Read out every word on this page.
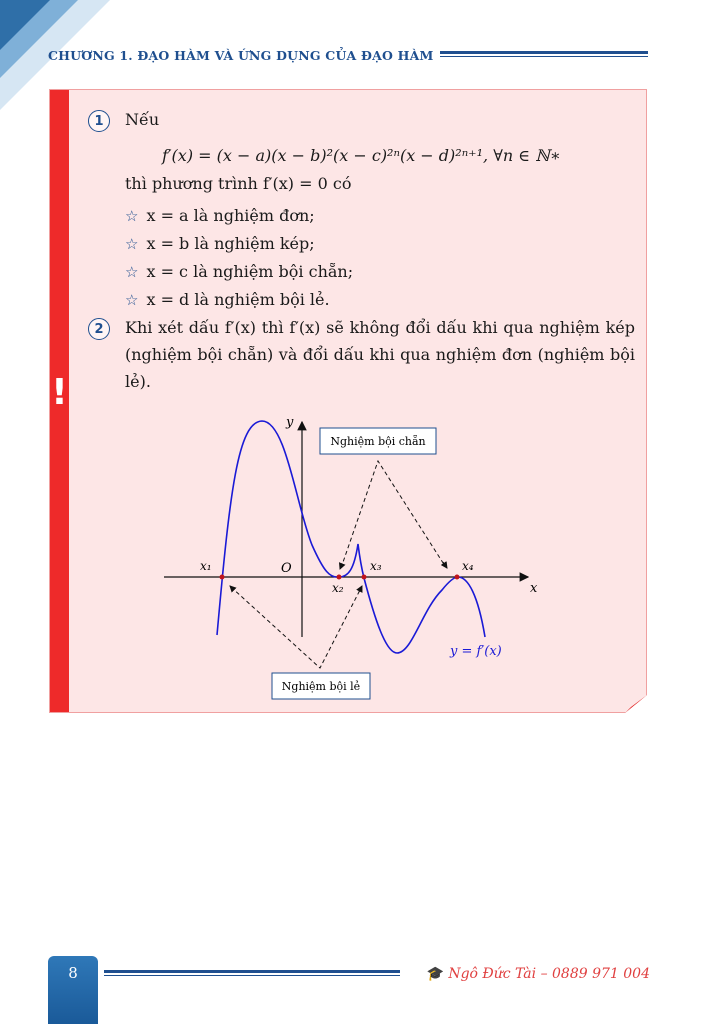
CHƯƠNG 1. ĐẠO HÀM VÀ ỨNG DỤNG CỦA ĐẠO HÀM
!
1	Nếu
f′(x) = (x − a)(x − b)²(x − c)²ⁿ(x − d)²ⁿ⁺¹, ∀n ∈ ℕ∗
thì phương trình f′(x) = 0 có
☆ x = a là nghiệm đơn;
☆ x = b là nghiệm kép;
☆ x = c là nghiệm bội chẵn;
☆ x = d là nghiệm bội lẻ.
2	Khi xét dấu f′(x) thì f′(x) sẽ không đổi dấu khi qua nghiệm kép (nghiệm bội chẵn) và đổi dấu khi qua nghiệm đơn (nghiệm bội lẻ).
y
x
O
x₁
x₂
x₃	x₄
y = f′(x)
Nghiệm bội chẵn
Nghiệm bội lẻ
8	🎓 Ngô Đức Tài – 0889 971 004
